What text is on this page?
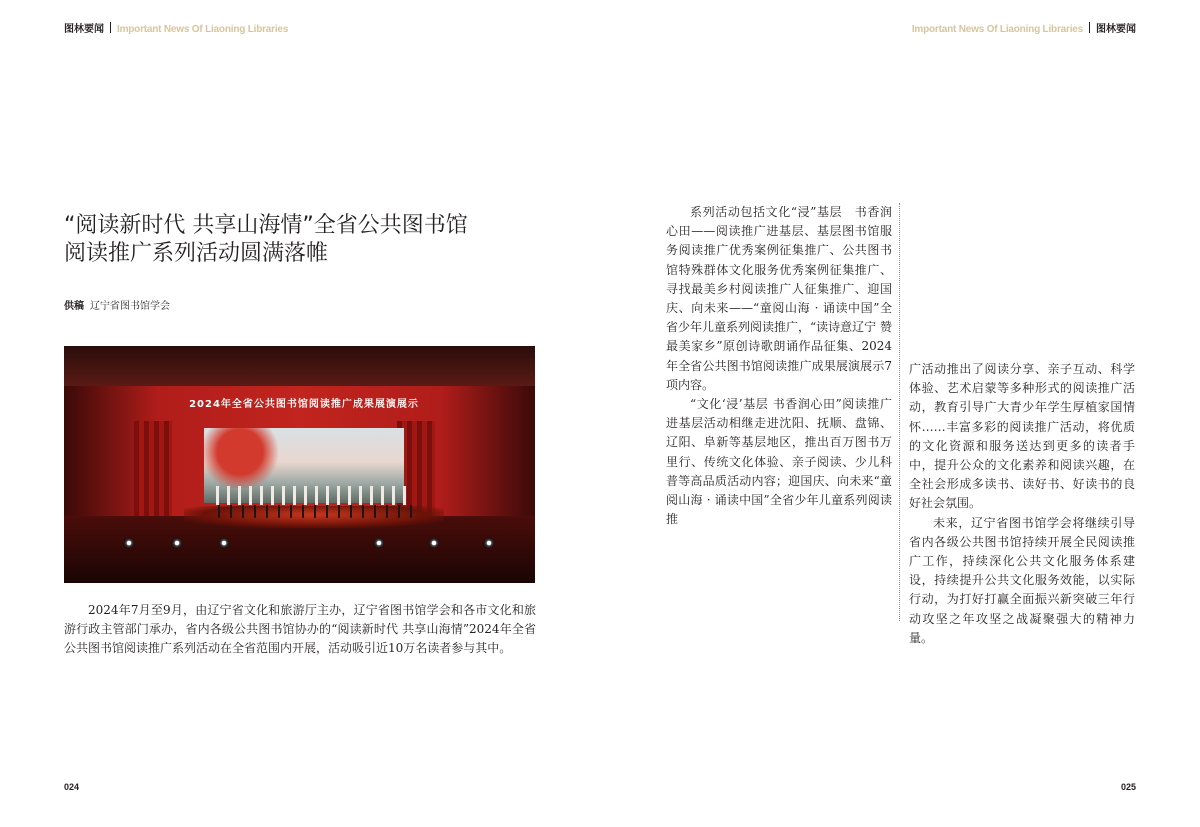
图林要闻 Important News Of Liaoning Libraries	Important News Of Liaoning Libraries 图林要闻
“阅读新时代 共享山海情”全省公共图书馆
阅读推广系列活动圆满落帷
供稿 辽宁省图书馆学会
2024年全省公共图书馆阅读推广成果展演展示

2024年7月至9月，由辽宁省文化和旅游厅主办，辽宁省图书馆学会和各市文化和旅游行政主管部门承办，省内各级公共图书馆协办的“阅读新时代 共享山海情”2024年全省公共图书馆阅读推广系列活动在全省范围内开展，活动吸引近10万名读者参与其中。

系列活动包括文化“浸”基层　书香润心田——阅读推广进基层、基层图书馆服务阅读推广优秀案例征集推广、公共图书馆特殊群体文化服务优秀案例征集推广、寻找最美乡村阅读推广人征集推广、迎国庆、向未来——“童阅山海 · 诵读中国”全省少年儿童系列阅读推广，“读诗意辽宁 赞最美家乡”原创诗歌朗诵作品征集、2024年全省公共图书馆阅读推广成果展演展示7项内容。

“文化‘浸’基层 书香润心田”阅读推广进基层活动相继走进沈阳、抚顺、盘锦、辽阳、阜新等基层地区，推出百万图书万里行、传统文化体验、亲子阅读、少儿科普等高品质活动内容；迎国庆、向未来“童阅山海 · 诵读中国”全省少年儿童系列阅读推

广活动推出了阅读分享、亲子互动、科学体验、艺术启蒙等多种形式的阅读推广活动，教育引导广大青少年学生厚植家国情怀……丰富多彩的阅读推广活动，将优质的文化资源和服务送达到更多的读者手中，提升公众的文化素养和阅读兴趣，在全社会形成多读书、读好书、好读书的良好社会氛围。

未来，辽宁省图书馆学会将继续引导省内各级公共图书馆持续开展全民阅读推广工作，持续深化公共文化服务体系建设，持续提升公共文化服务效能，以实际行动，为打好打赢全面振兴新突破三年行动攻坚之年攻坚之战凝聚强大的精神力量。

024	025
